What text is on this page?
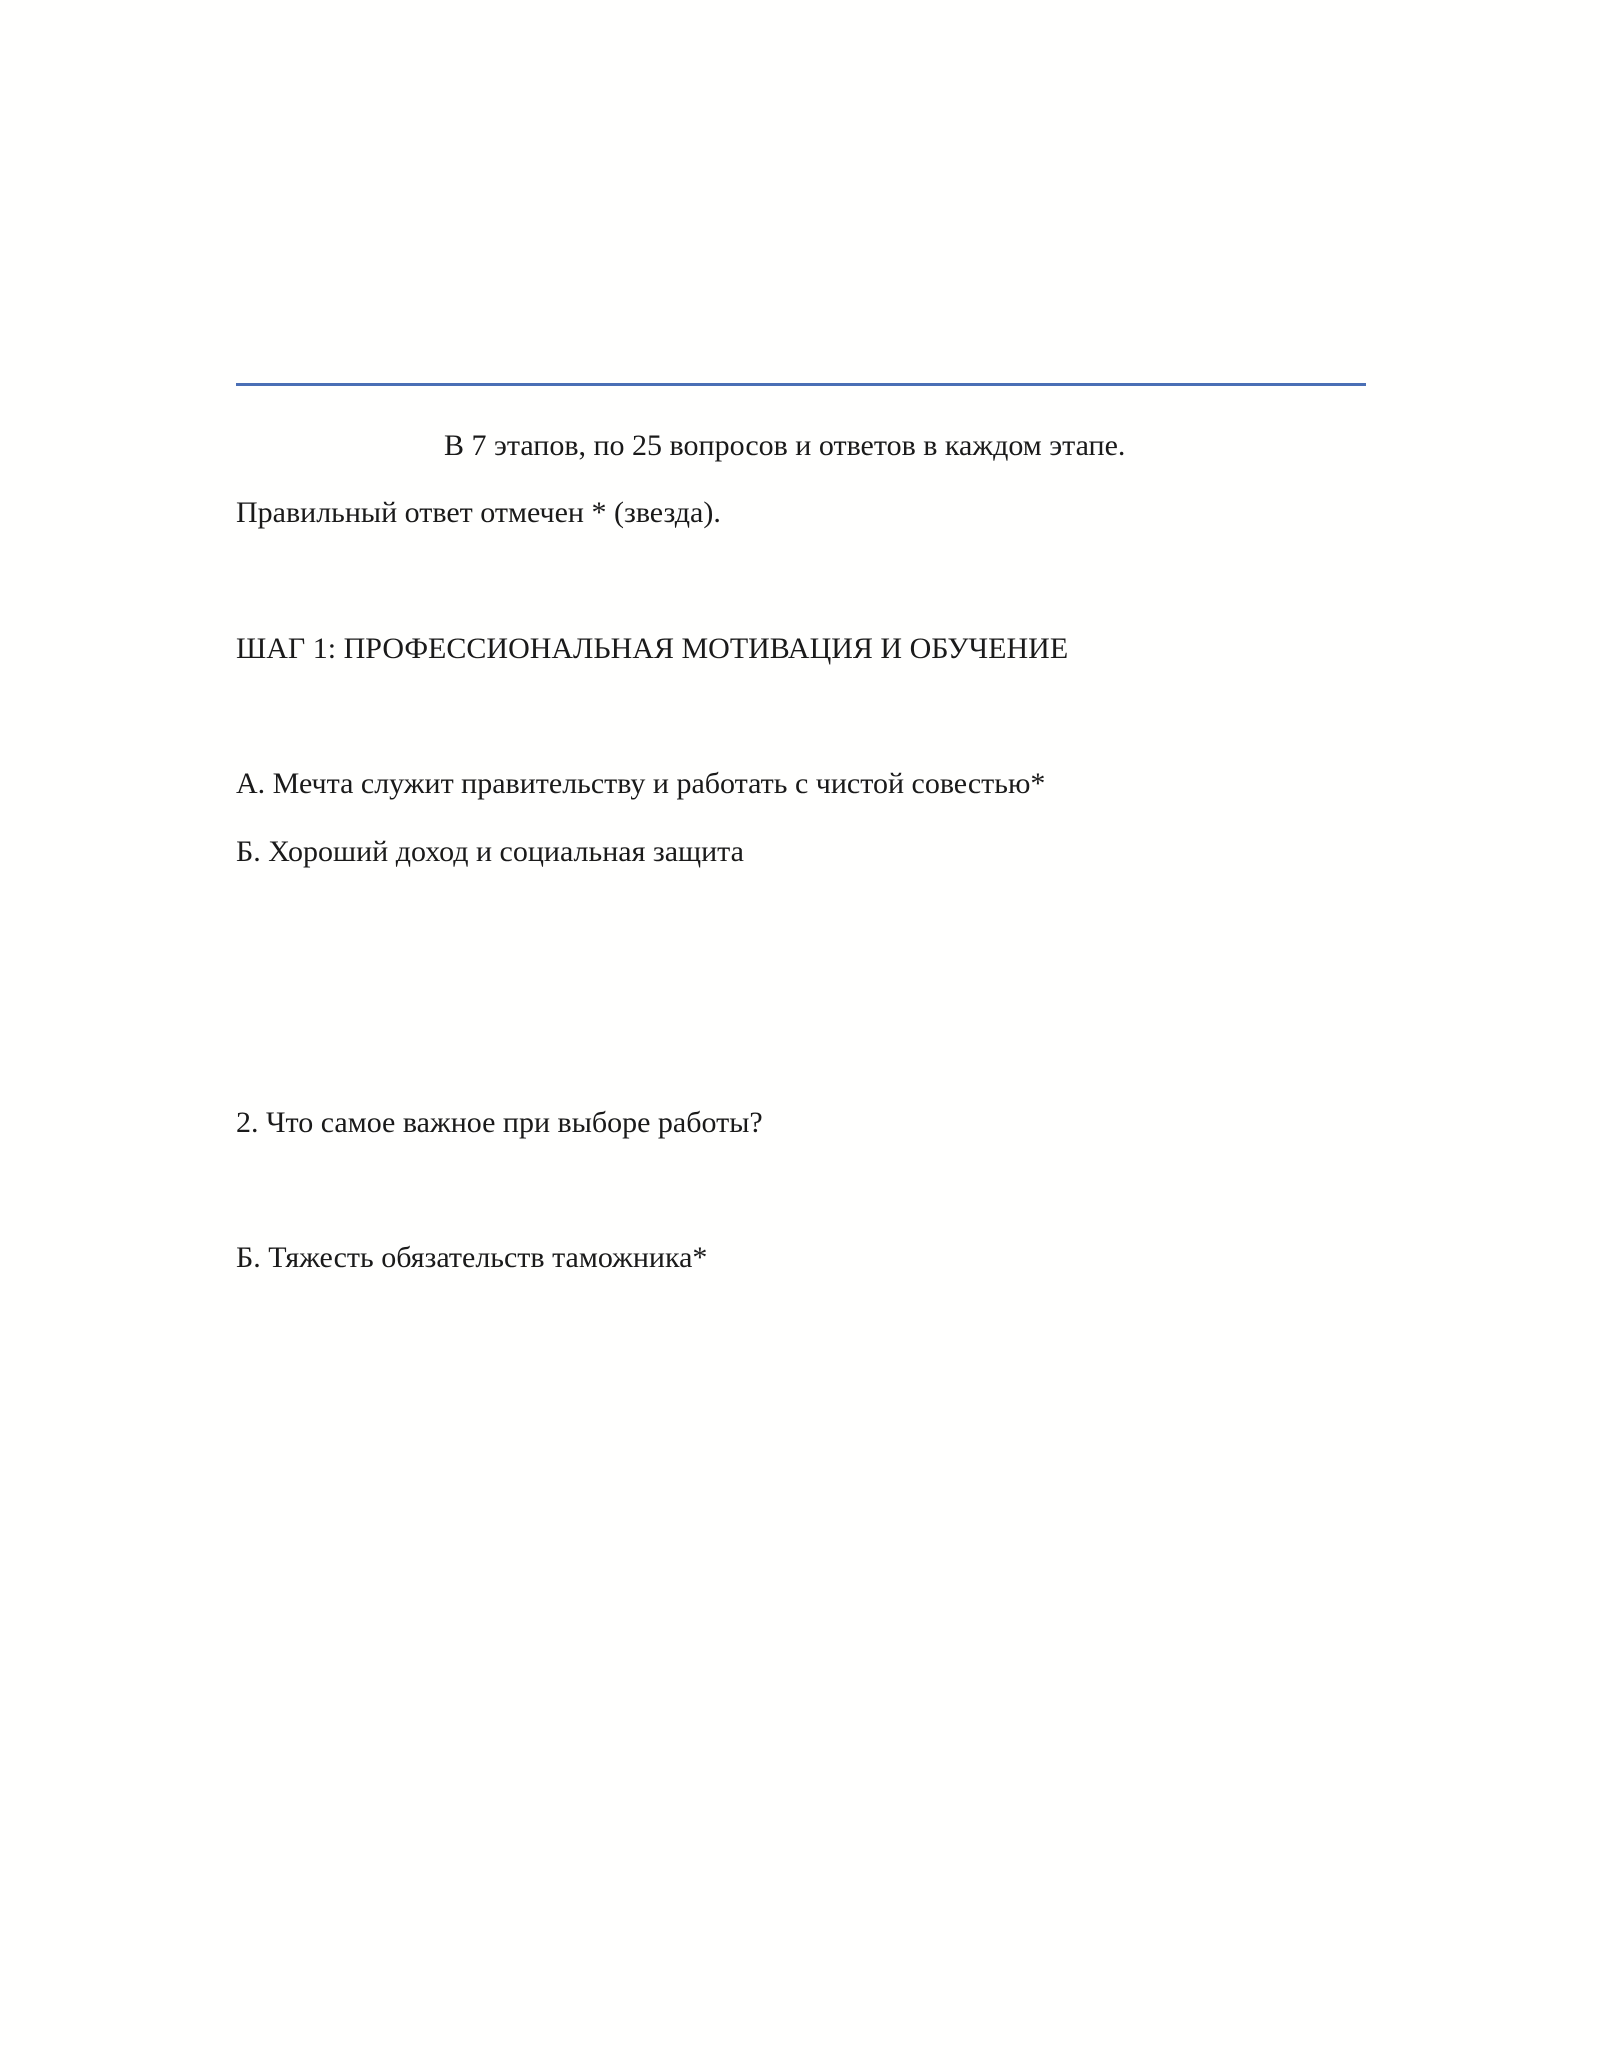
В 7 этапов, по 25 вопросов и ответов в каждом этапе.
Правильный ответ отмечен * (звезда).
ШАГ 1: ПРОФЕССИОНАЛЬНАЯ МОТИВАЦИЯ И ОБУЧЕНИЕ
А. Мечта служит правительству и работать с чистой совестью*
Б. Хороший доход и социальная защита
2. Что самое важное при выборе работы?
Б. Тяжесть обязательств таможника*
